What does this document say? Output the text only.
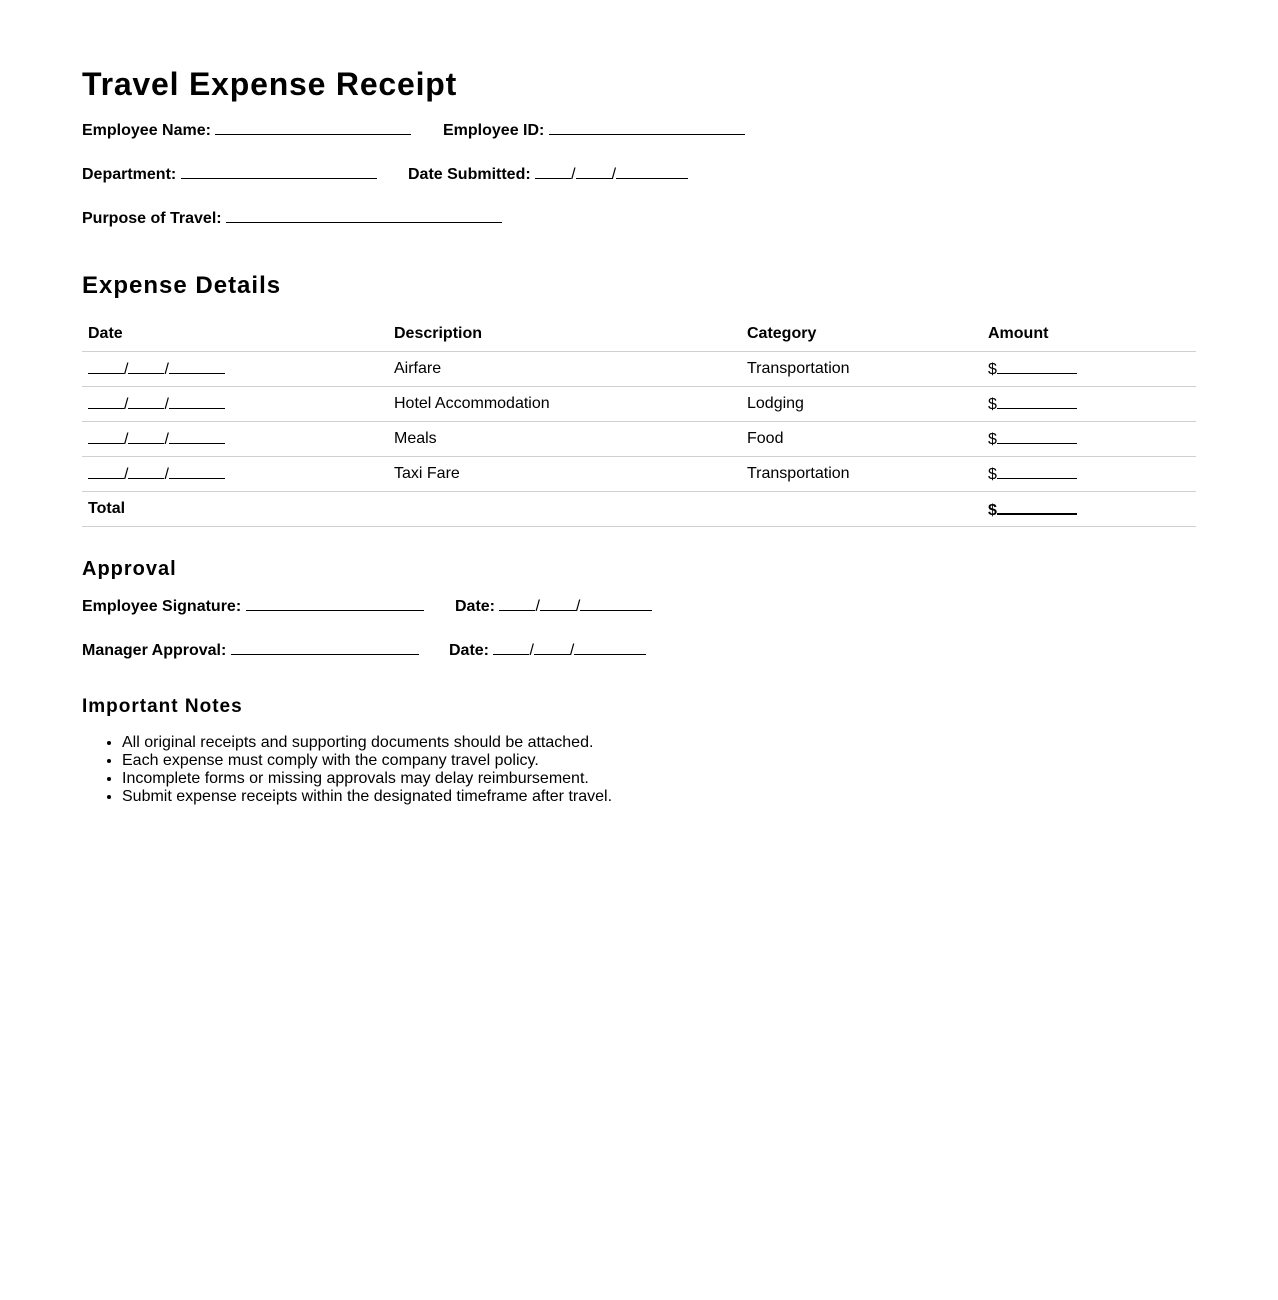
Travel Expense Receipt
Employee Name:	Employee ID:
Department:	Date Submitted:	/ /
Purpose of Travel:
Expense Details
Date	Description	Category	Amount
/ /	Airfare	Transportation	$
/ /	Hotel Accommodation	Lodging	$
/ /	Meals	Food	$
/ /	Taxi Fare	Transportation	$
Total			$
Approval
Employee Signature:	Date:	/ /
Manager Approval:	Date:	/ /
Important Notes
• All original receipts and supporting documents should be attached.
• Each expense must comply with the company travel policy.
• Incomplete forms or missing approvals may delay reimbursement.
• Submit expense receipts within the designated timeframe after travel.
